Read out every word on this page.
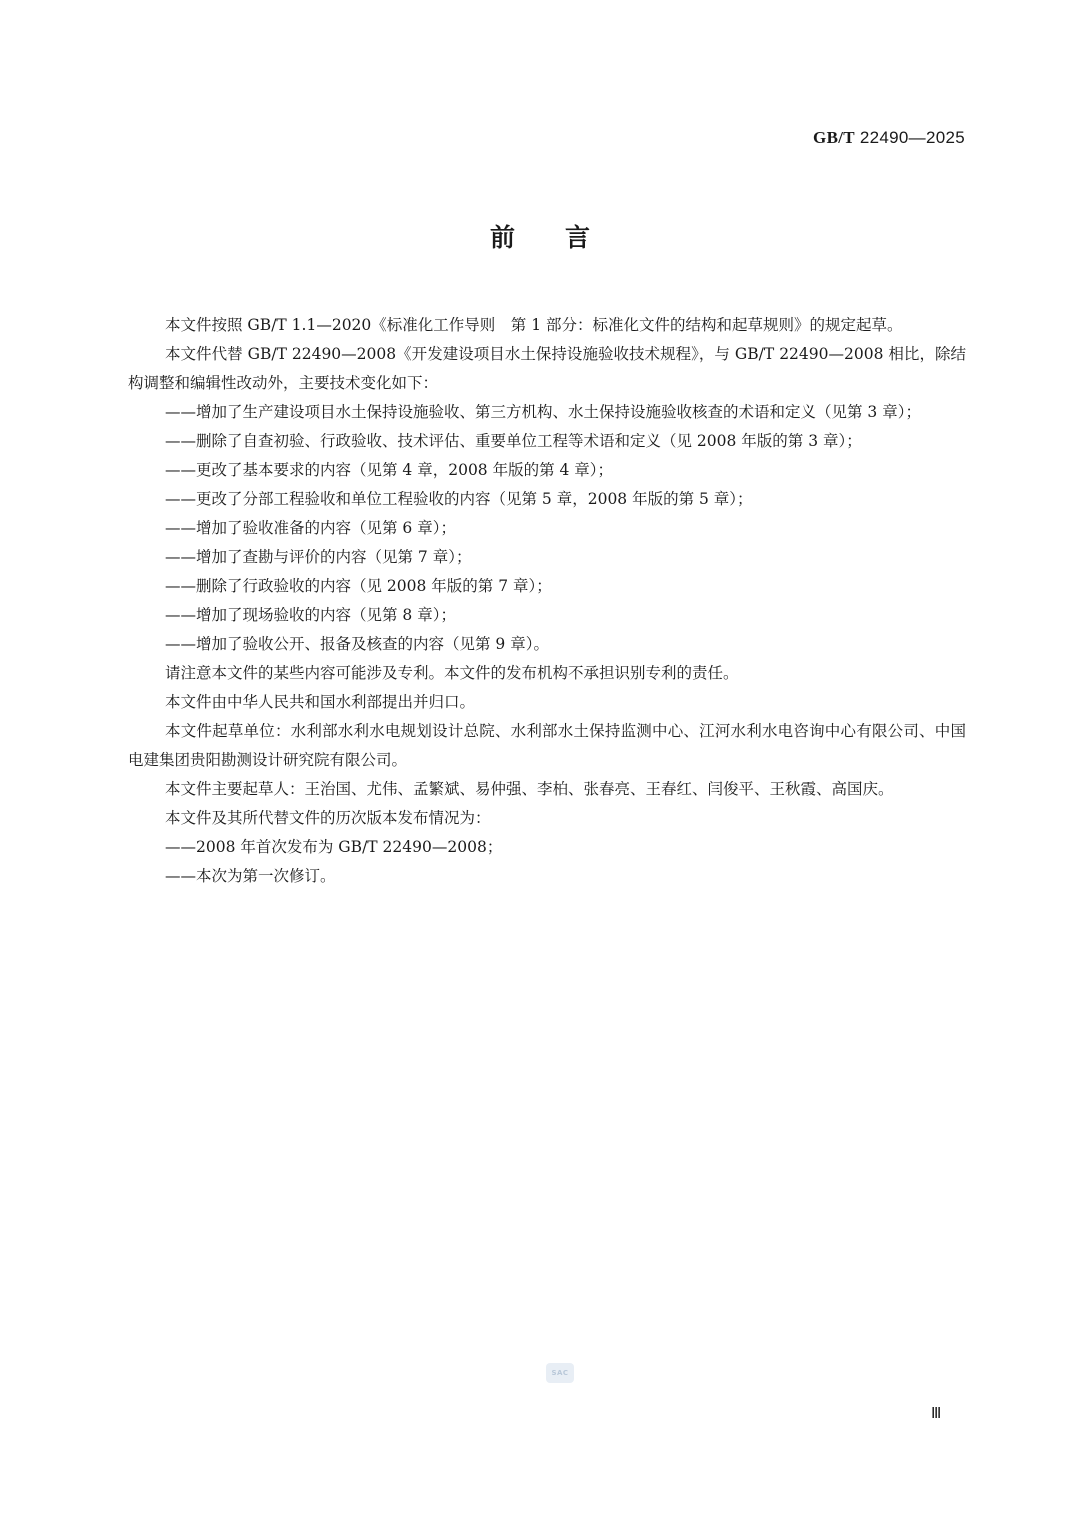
GB/T 22490—2025
前言

本文件按照 GB/T 1.1—2020《标准化工作导则　第 1 部分：标准化文件的结构和起草规则》的规定起草。

本文件代替 GB/T 22490—2008《开发建设项目水土保持设施验收技术规程》，与 GB/T 22490—2008 相比，除结构调整和编辑性改动外，主要技术变化如下：

——增加了生产建设项目水土保持设施验收、第三方机构、水土保持设施验收核查的术语和定义（见第 3 章）；

——删除了自查初验、行政验收、技术评估、重要单位工程等术语和定义（见 2008 年版的第 3 章）；

——更改了基本要求的内容（见第 4 章，2008 年版的第 4 章）；

——更改了分部工程验收和单位工程验收的内容（见第 5 章，2008 年版的第 5 章）；

——增加了验收准备的内容（见第 6 章）；

——增加了查勘与评价的内容（见第 7 章）；

——删除了行政验收的内容（见 2008 年版的第 7 章）；

——增加了现场验收的内容（见第 8 章）；

——增加了验收公开、报备及核查的内容（见第 9 章）。

请注意本文件的某些内容可能涉及专利。本文件的发布机构不承担识别专利的责任。

本文件由中华人民共和国水利部提出并归口。

本文件起草单位：水利部水利水电规划设计总院、水利部水土保持监测中心、江河水利水电咨询中心有限公司、中国电建集团贵阳勘测设计研究院有限公司。

本文件主要起草人：王治国、尤伟、孟繁斌、易仲强、李柏、张春亮、王春红、闫俊平、王秋霞、高国庆。

本文件及其所代替文件的历次版本发布情况为：

——2008 年首次发布为 GB/T 22490—2008；

——本次为第一次修订。

SAC
Ⅲ
